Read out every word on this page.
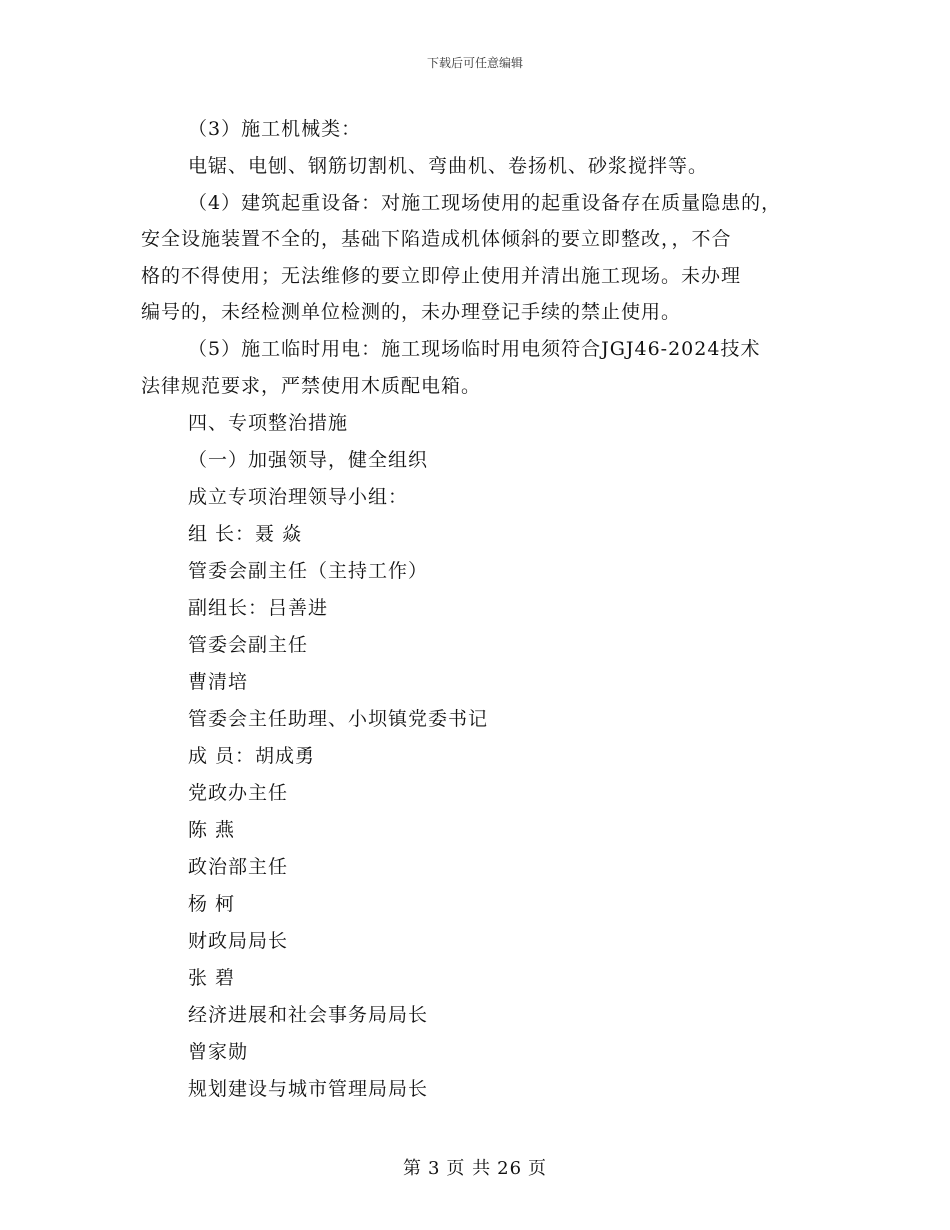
下载后可任意编辑
（3）施工机械类：
电锯、电刨、钢筋切割机、弯曲机、卷扬机、砂浆搅拌等。
（4）建筑起重设备：对施工现场使用的起重设备存在质量隐患的，
安全设施装置不全的，基础下陷造成机体倾斜的要立即整改，，不合
格的不得使用；无法维修的要立即停止使用并清出施工现场。未办理
编号的，未经检测单位检测的，未办理登记手续的禁止使用。
（5）施工临时用电：施工现场临时用电须符合JGJ46-2024技术
法律规范要求，严禁使用木质配电箱。
四、专项整治措施
（一）加强领导，健全组织
成立专项治理领导小组：
组 长：聂 焱
管委会副主任（主持工作）
副组长：吕善进
管委会副主任
曹清培
管委会主任助理、小坝镇党委书记
成 员：胡成勇
党政办主任
陈 燕
政治部主任
杨 柯
财政局局长
张 碧
经济进展和社会事务局局长
曾家勋
规划建设与城市管理局局长
第 3 页 共 26 页
